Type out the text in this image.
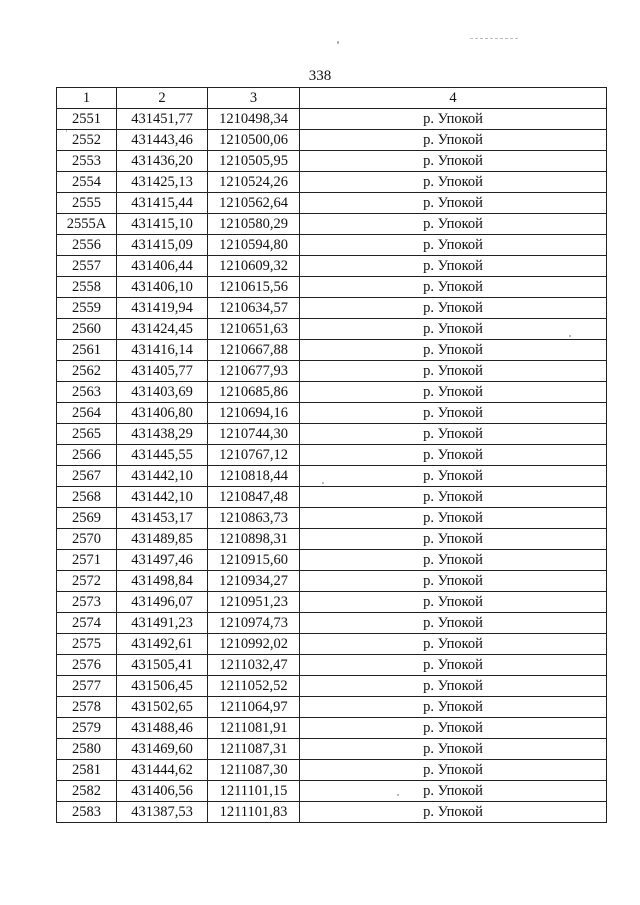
338
1	2	3	4
2551	431451,77	1210498,34	р. Упокой
2552	431443,46	1210500,06	р. Упокой
2553	431436,20	1210505,95	р. Упокой
2554	431425,13	1210524,26	р. Упокой
2555	431415,44	1210562,64	р. Упокой
2555А	431415,10	1210580,29	р. Упокой
2556	431415,09	1210594,80	р. Упокой
2557	431406,44	1210609,32	р. Упокой
2558	431406,10	1210615,56	р. Упокой
2559	431419,94	1210634,57	р. Упокой
2560	431424,45	1210651,63	р. Упокой
2561	431416,14	1210667,88	р. Упокой
2562	431405,77	1210677,93	р. Упокой
2563	431403,69	1210685,86	р. Упокой
2564	431406,80	1210694,16	р. Упокой
2565	431438,29	1210744,30	р. Упокой
2566	431445,55	1210767,12	р. Упокой
2567	431442,10	1210818,44	р. Упокой
2568	431442,10	1210847,48	р. Упокой
2569	431453,17	1210863,73	р. Упокой
2570	431489,85	1210898,31	р. Упокой
2571	431497,46	1210915,60	р. Упокой
2572	431498,84	1210934,27	р. Упокой
2573	431496,07	1210951,23	р. Упокой
2574	431491,23	1210974,73	р. Упокой
2575	431492,61	1210992,02	р. Упокой
2576	431505,41	1211032,47	р. Упокой
2577	431506,45	1211052,52	р. Упокой
2578	431502,65	1211064,97	р. Упокой
2579	431488,46	1211081,91	р. Упокой
2580	431469,60	1211087,31	р. Упокой
2581	431444,62	1211087,30	р. Упокой
2582	431406,56	1211101,15	р. Упокой
2583	431387,53	1211101,83	р. Упокой
